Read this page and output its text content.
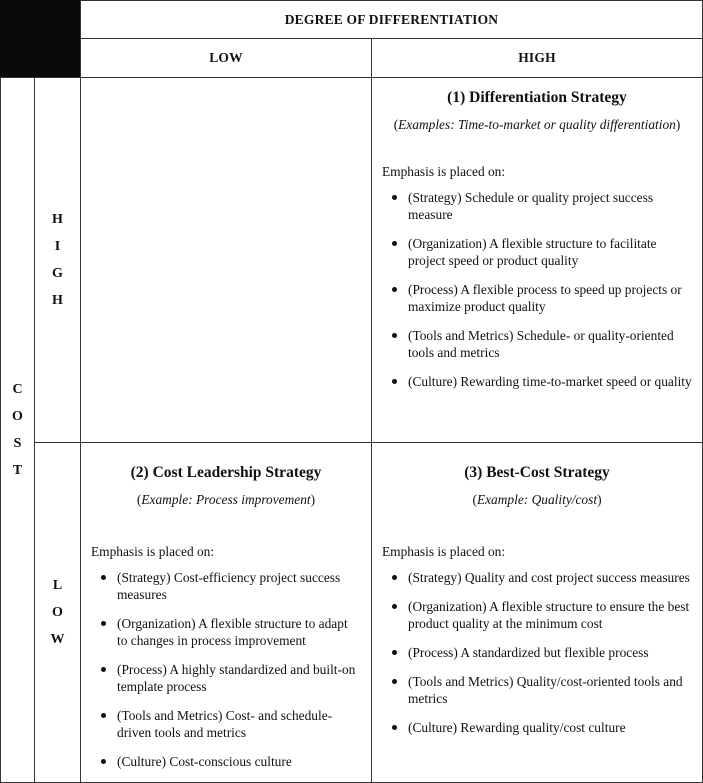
DEGREE OF DIFFERENTIATION
LOW	HIGH
C
O
S
T
H
I
G
H
L
O
W
(1) Differentiation Strategy
(Examples: Time-to-market or quality differentiation)
Emphasis is placed on:
(Strategy) Schedule or quality project success measure
(Organization) A flexible structure to facilitate project speed or product quality
(Process) A flexible process to speed up projects or maximize product quality
(Tools and Metrics) Schedule- or quality-oriented tools and metrics
(Culture) Rewarding time-to-market speed or quality
(2) Cost Leadership Strategy
(Example: Process improvement)
Emphasis is placed on:
(Strategy) Cost-efficiency project success measures
(Organization) A flexible structure to adapt to changes in process improvement
(Process) A highly standardized and built-on template process
(Tools and Metrics) Cost- and schedule-driven tools and metrics
(Culture) Cost-conscious culture
(3) Best-Cost Strategy
(Example: Quality/cost)
Emphasis is placed on:
(Strategy) Quality and cost project success measures
(Organization) A flexible structure to ensure the best product quality at the minimum cost
(Process) A standardized but flexible process
(Tools and Metrics) Quality/cost-oriented tools and metrics
(Culture) Rewarding quality/cost culture
